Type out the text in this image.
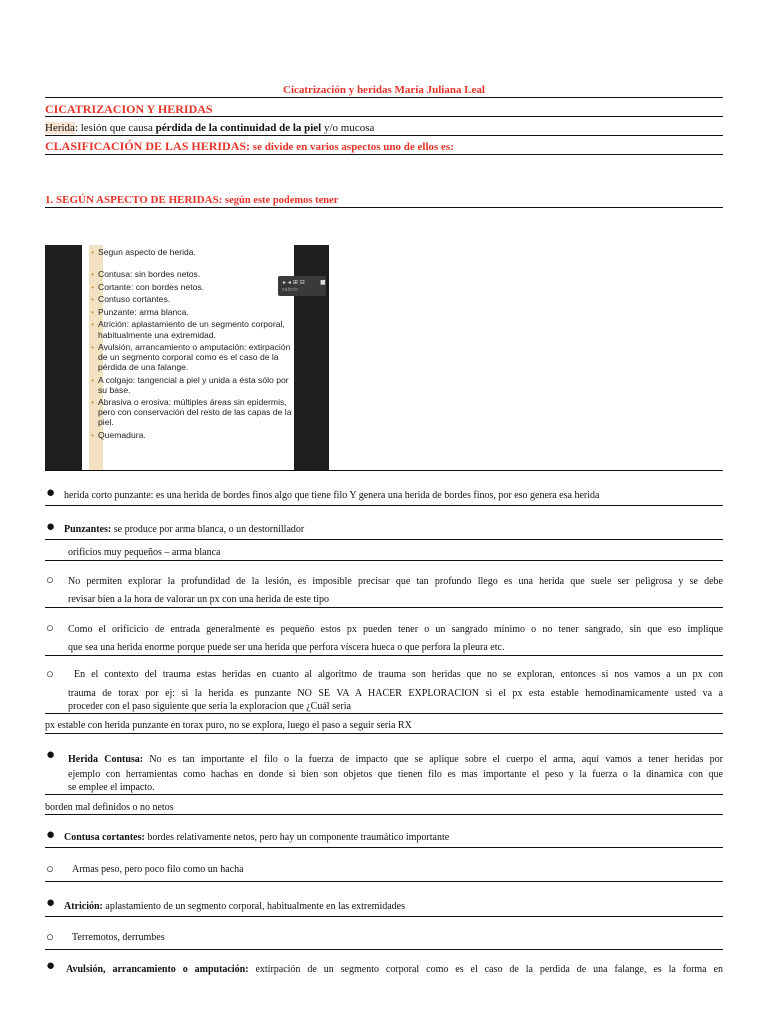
Cicatrización y heridas María Juliana Leal
CICATRIZACION Y HERIDAS
Herida: lesión que causa pérdida de la continuidad de la piel y/o mucosa
CLASIFICACIÓN DE LAS HERIDAS: se divide en varios aspectos uno de ellos es:
1. SEGÚN ASPECTO DE HERIDAS: según este podemos tener
• Segun aspecto de herida.
• Contusa: sin bordes netos.
• Cortante: con bordes netos.
• Contuso cortantes.
• Punzante: arma blanca.
• Atrición: aplastamiento de un segmento corporal, habitualmente una extremidad.
• Avulsión, arrancamiento o amputación: extirpación de un segmento corporal como es el caso de la pérdida de una falange.
• A colgajo: tangencial a piel y unida a ésta sólo por su base.
• Abrasiva o erosiva: múltiples áreas sin epidermis, pero con conservación del resto de las capas de la piel.
• Quemadura.
▸ ◂ ⊞ ⊟	■
sabritr
● herida corto punzante: es una herida de bordes finos algo que tiene filo Y genera una herida de bordes finos, por eso genera esa herida
● Punzantes: se produce por arma blanca, o un destornillador
orificios muy pequeños – arma blanca
○ No permiten explorar la profundidad de la lesión, es imposible precisar que tan profundo llego es una herida que suele ser peligrosa y se debe
revisar bien a la hora de valorar un px con una herida de este tipo
○ Como el orificicio de entrada generalmente es pequeño estos px pueden tener o un sangrado mínimo o no tener sangrado, sin que eso implique
que sea una herida enorme porque puede ser una herida que perfora víscera hueca o que perfora la pleura etc.
○ En el contexto del trauma estas heridas en cuanto al algoritmo de trauma son heridas que no se exploran, entonces si nos vamos a un px con
trauma de torax por ej: si la herida es punzante NO SE VA A HACER EXPLORACION si el px esta estable hemodinamicamente usted va a
proceder con el paso siguiente que seria la exploracion que ¿Cuál seria
px estable con herida punzante en torax puro, no se explora, luego el paso a seguir seria RX
● Herida Contusa: No es tan importante el filo o la fuerza de impacto que se aplique sobre el cuerpo el arma, aquí vamos a tener heridas por
ejemplo con herramientas como hachas en donde si bien son objetos que tienen filo es mas importante el peso y la fuerza o la dinamica con que
se emplee el impacto.
borden mal definidos o no netos
● Contusa cortantes: bordes relativamente netos, pero hay un componente traumático importante
○ Armas peso, pero poco filo como un hacha
● Atrición: aplastamiento de un segmento corporal, habitualmente en las extremidades
○ Terremotos, derrumbes
● Avulsión, arrancamiento o amputación: extirpación de un segmento corporal como es el caso de la perdida de una falange, es la forma en
